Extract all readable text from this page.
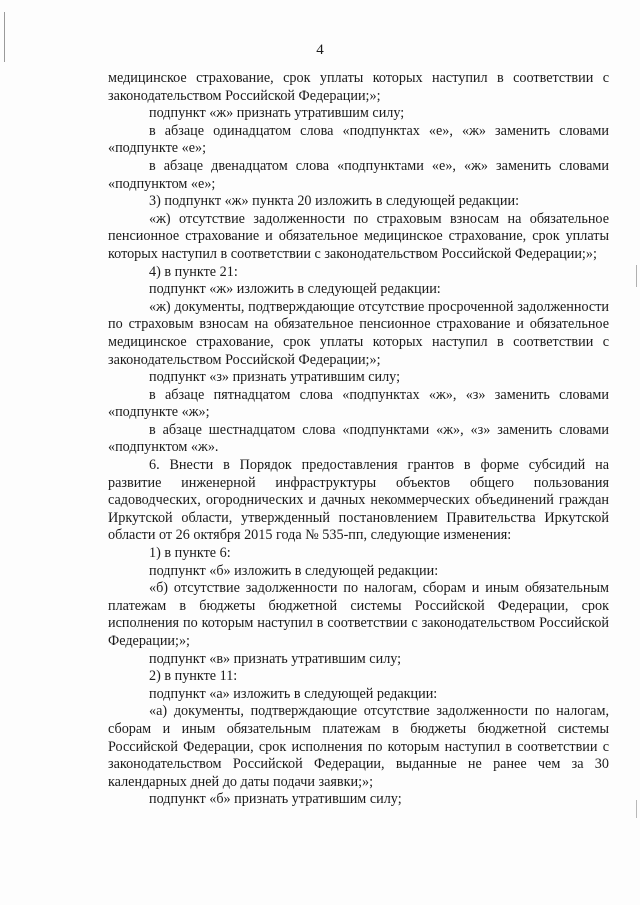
4

медицинское страхование, срок уплаты которых наступил в соответствии с законодательством Российской Федерации;»;

подпункт «ж» признать утратившим силу;

в абзаце одинадцатом слова «подпунктах «е», «ж» заменить словами «подпункте «е»;

в абзаце двенадцатом слова «подпунктами «е», «ж» заменить словами «подпунктом «е»;

3) подпункт «ж» пункта 20 изложить в следующей редакции:

«ж) отсутствие задолженности по страховым взносам на обязательное пенсионное страхование и обязательное медицинское страхование, срок уплаты которых наступил в соответствии с законодательством Российской Федерации;»;

4) в пункте 21:

подпункт «ж» изложить в следующей редакции:

«ж) документы, подтверждающие отсутствие просроченной задолженности по страховым взносам на обязательное пенсионное страхование и обязательное медицинское страхование, срок уплаты которых наступил в соответствии с законодательством Российской Федерации;»;

подпункт «з» признать утратившим силу;

в абзаце пятнадцатом слова «подпунктах «ж», «з» заменить словами «подпункте «ж»;

в абзаце шестнадцатом слова «подпунктами «ж», «з» заменить словами «подпунктом «ж».

6. Внести в Порядок предоставления грантов в форме субсидий на развитие инженерной инфраструктуры объектов общего пользования садоводческих, огороднических и дачных некоммерческих объединений граждан Иркутской области, утвержденный постановлением Правительства Иркутской области от 26 октября 2015 года № 535-пп, следующие изменения:

1) в пункте 6:

подпункт «б» изложить в следующей редакции:

«б) отсутствие задолженности по налогам, сборам и иным обязательным платежам в бюджеты бюджетной системы Российской Федерации, срок исполнения по которым наступил в соответствии с законодательством Российской Федерации;»;

подпункт «в» признать утратившим силу;

2) в пункте 11:

подпункт «а» изложить в следующей редакции:

«а) документы, подтверждающие отсутствие задолженности по налогам, сборам и иным обязательным платежам в бюджеты бюджетной системы Российской Федерации, срок исполнения по которым наступил в соответствии с законодательством Российской Федерации, выданные не ранее чем за 30 календарных дней до даты подачи заявки;»;

подпункт «б» признать утратившим силу;
